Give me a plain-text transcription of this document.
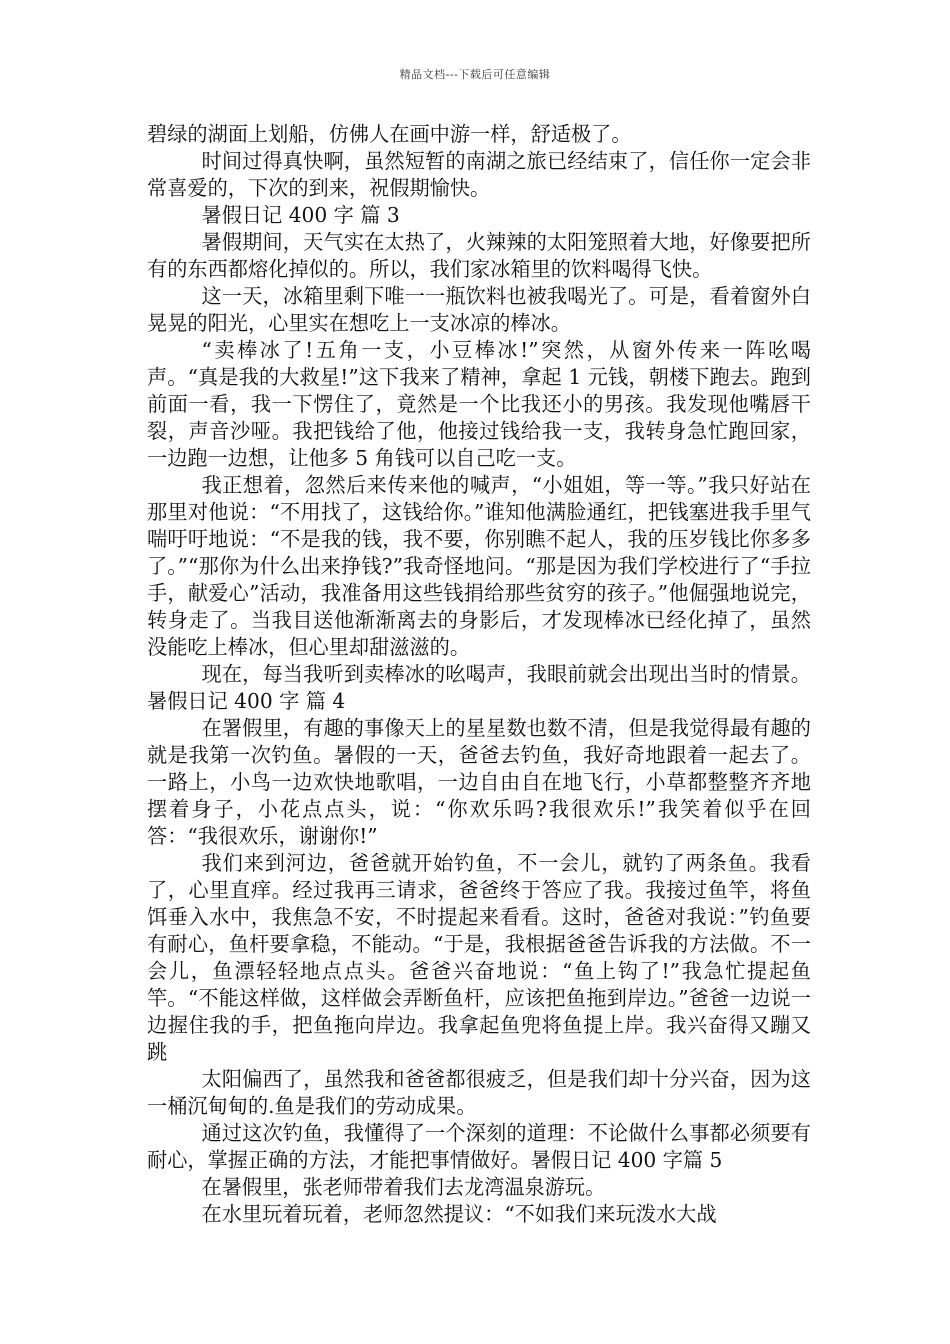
精品文档---下载后可任意编辑

碧绿的湖面上划船，仿佛人在画中游一样，舒适极了。

时间过得真快啊，虽然短暂的南湖之旅已经结束了，信任你一定会非常喜爱的，下次的到来，祝假期愉快。

暑假日记 400 字 篇 3

暑假期间，天气实在太热了，火辣辣的太阳笼照着大地，好像要把所有的东西都熔化掉似的。所以，我们家冰箱里的饮料喝得飞快。

这一天，冰箱里剩下唯一一瓶饮料也被我喝光了。可是，看着窗外白晃晃的阳光，心里实在想吃上一支冰凉的棒冰。

“卖棒冰了!五角一支，小豆棒冰!”突然，从窗外传来一阵吆喝声。“真是我的大救星!”这下我来了精神，拿起 1 元钱，朝楼下跑去。跑到前面一看，我一下愣住了，竟然是一个比我还小的男孩。我发现他嘴唇干裂，声音沙哑。我把钱给了他，他接过钱给我一支，我转身急忙跑回家，一边跑一边想，让他多 5 角钱可以自己吃一支。

我正想着，忽然后来传来他的喊声，“小姐姐，等一等。”我只好站在那里对他说：“不用找了，这钱给你。”谁知他满脸通红，把钱塞进我手里气喘吁吁地说：“不是我的钱，我不要，你别瞧不起人，我的压岁钱比你多多了。”“那你为什么出来挣钱?”我奇怪地问。“那是因为我们学校进行了“手拉手，献爱心”活动，我准备用这些钱捐给那些贫穷的孩子。”他倔强地说完，转身走了。当我目送他渐渐离去的身影后，才发现棒冰已经化掉了，虽然没能吃上棒冰，但心里却甜滋滋的。

现在，每当我听到卖棒冰的吆喝声，我眼前就会出现出当时的情景。暑假日记 400 字 篇 4

在署假里，有趣的事像天上的星星数也数不清，但是我觉得最有趣的就是我第一次钓鱼。暑假的一天，爸爸去钓鱼，我好奇地跟着一起去了。一路上，小鸟一边欢快地歌唱，一边自由自在地飞行，小草都整整齐齐地摆着身子，小花点点头，说：“你欢乐吗?我很欢乐!”我笑着似乎在回答：“我很欢乐，谢谢你!”

我们来到河边，爸爸就开始钓鱼，不一会儿，就钓了两条鱼。我看了，心里直痒。经过我再三请求，爸爸终于答应了我。我接过鱼竿，将鱼饵垂入水中，我焦急不安，不时提起来看看。这时，爸爸对我说：”钓鱼要有耐心，鱼杆要拿稳，不能动。“于是，我根据爸爸告诉我的方法做。不一会儿，鱼漂轻轻地点点头。爸爸兴奋地说：“鱼上钩了!”我急忙提起鱼竿。“不能这样做，这样做会弄断鱼杆，应该把鱼拖到岸边。”爸爸一边说一边握住我的手，把鱼拖向岸边。我拿起鱼兜将鱼提上岸。我兴奋得又蹦又跳

太阳偏西了，虽然我和爸爸都很疲乏，但是我们却十分兴奋，因为这一桶沉甸甸的.鱼是我们的劳动成果。

通过这次钓鱼，我懂得了一个深刻的道理：不论做什么事都必须要有耐心，掌握正确的方法，才能把事情做好。暑假日记 400 字篇 5

在暑假里，张老师带着我们去龙湾温泉游玩。

在水里玩着玩着，老师忽然提议：“不如我们来玩泼水大战
